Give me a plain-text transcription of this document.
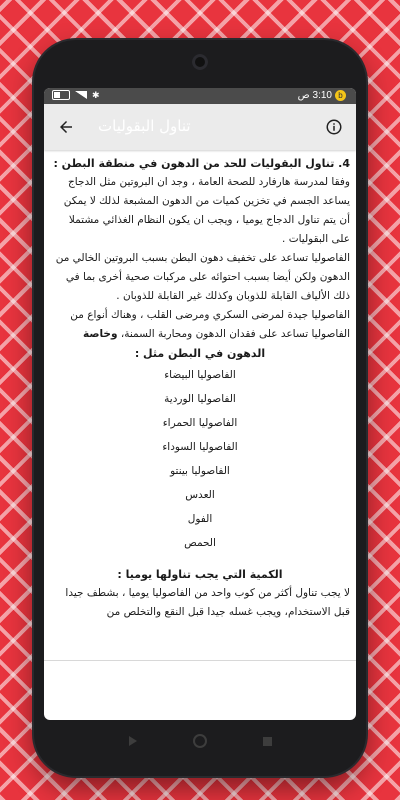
✱	3:10 ص b
تناول البقوليات

4. تناول البقوليات للحد من الدهون في منطقة البطن :

وفقا لمدرسة هارفارد للصحة العامة ، وجد ان البروتين مثل الدجاج يساعد الجسم في تخزين كميات من الدهون المشبعة لذلك لا يمكن أن يتم تناول الدجاج يوميا ، ويجب ان يكون النظام الغذائي مشتملا على البقوليات .

الفاصوليا تساعد على تخفيف دهون البطن بسبب البروتين الخالي من الدهون ولكن أيضا بسبب احتوائه على مركبات صحية أخرى بما في ذلك الألياف القابلة للذوبان وكذلك غير القابلة للذوبان .

الفاصوليا جيدة لمرضى السكري ومرضى القلب ، وهناك أنواع من الفاصوليا تساعد على فقدان الدهون ومحاربة السمنة، وخاصة

الدهون في البطن مثل :

الفاصوليا البيضاء
الفاصوليا الوردية
الفاصوليا الحمراء
الفاصوليا السوداء
الفاصوليا بينتو
العدس
الفول
الحمص

الكمية التي يجب تناولها يوميا :

لا يجب تناول أكثر من كوب واحد من الفاصوليا يوميا ، بشطف جيدا قبل الاستخدام، ويجب غسله جيدا قبل النقع والتخلص من
